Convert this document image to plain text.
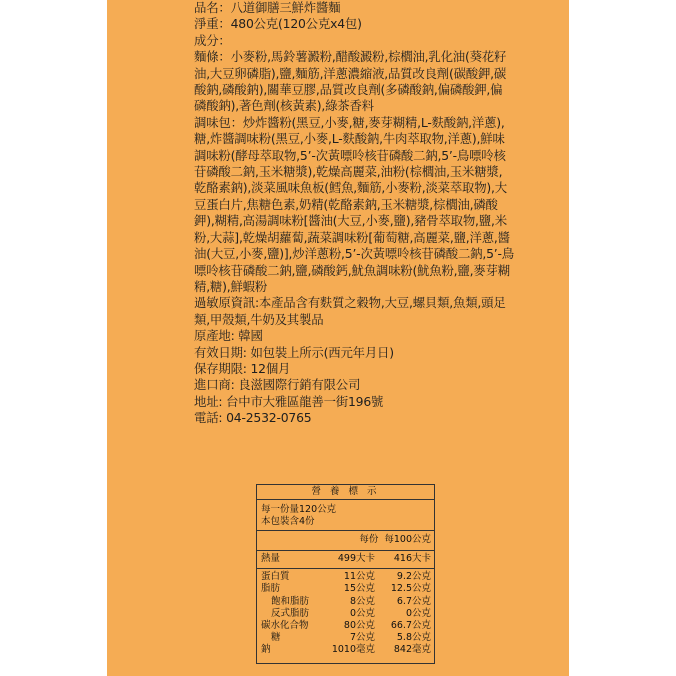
品名：八道御膳三鮮炸醬麵

淨重：480公克(120公克x4包)

成分：

麵條：小麥粉,馬鈴薯澱粉,醋酸澱粉,棕櫚油,乳化油(葵花籽油,大豆卵磷脂),鹽,麵筋,洋蔥濃縮液,品質改良劑(碳酸鉀,碳酸鈉,磷酸鈉),關華豆膠,品質改良劑(多磷酸鈉,偏磷酸鉀,偏磷酸鈉),著色劑(核黃素),綠茶香料

調味包：炒炸醬粉(黑豆,小麥,糖,麥芽糊精,L-麩酸鈉,洋蔥),糖,炸醬調味粉(黑豆,小麥,L-麩酸鈉,牛肉萃取物,洋蔥),鮮味調味粉(酵母萃取物,5’-次黃嘌呤核苷磷酸二鈉,5’-鳥嘌呤核苷磷酸二鈉,玉米糖漿),乾燥高麗菜,油粉(棕櫚油,玉米糖漿,乾酪素鈉),淡菜風味魚板(鱈魚,麵筋,小麥粉,淡菜萃取物),大豆蛋白片,焦糖色素,奶精(乾酪素鈉,玉米糖漿,棕櫚油,磷酸鉀),糊精,高湯調味粉[醬油(大豆,小麥,鹽),豬骨萃取物,鹽,米粉,大蒜],乾燥胡蘿蔔,蔬菜調味粉[葡萄糖,高麗菜,鹽,洋蔥,醬油(大豆,小麥,鹽)],炒洋蔥粉,5’-次黃嘌呤核苷磷酸二鈉,5’-鳥嘌呤核苷磷酸二鈉,鹽,磷酸鈣,魷魚調味粉(魷魚粉,鹽,麥芽糊精,糖),鮮蝦粉

過敏原資訊:本產品含有麩質之穀物,大豆,螺貝類,魚類,頭足類,甲殼類,牛奶及其製品

原產地: 韓國

有效日期: 如包裝上所示(西元年月日)

保存期限: 12個月

進口商: 良滋國際行銷有限公司

地址: 台中市大雅區龍善一街196號

電話: 04-2532-0765

營 養 標 示
每一份量120公克
本包裝含4份
每份 每100公克
熱量	499大卡	416大卡
蛋白質	11公克	9.2公克
脂肪	15公克	12.5公克
飽和脂肪	8公克	6.7公克
反式脂肪	0公克	0公克
碳水化合物	80公克	66.7公克
糖	7公克	5.8公克
鈉	1010毫克	842毫克
